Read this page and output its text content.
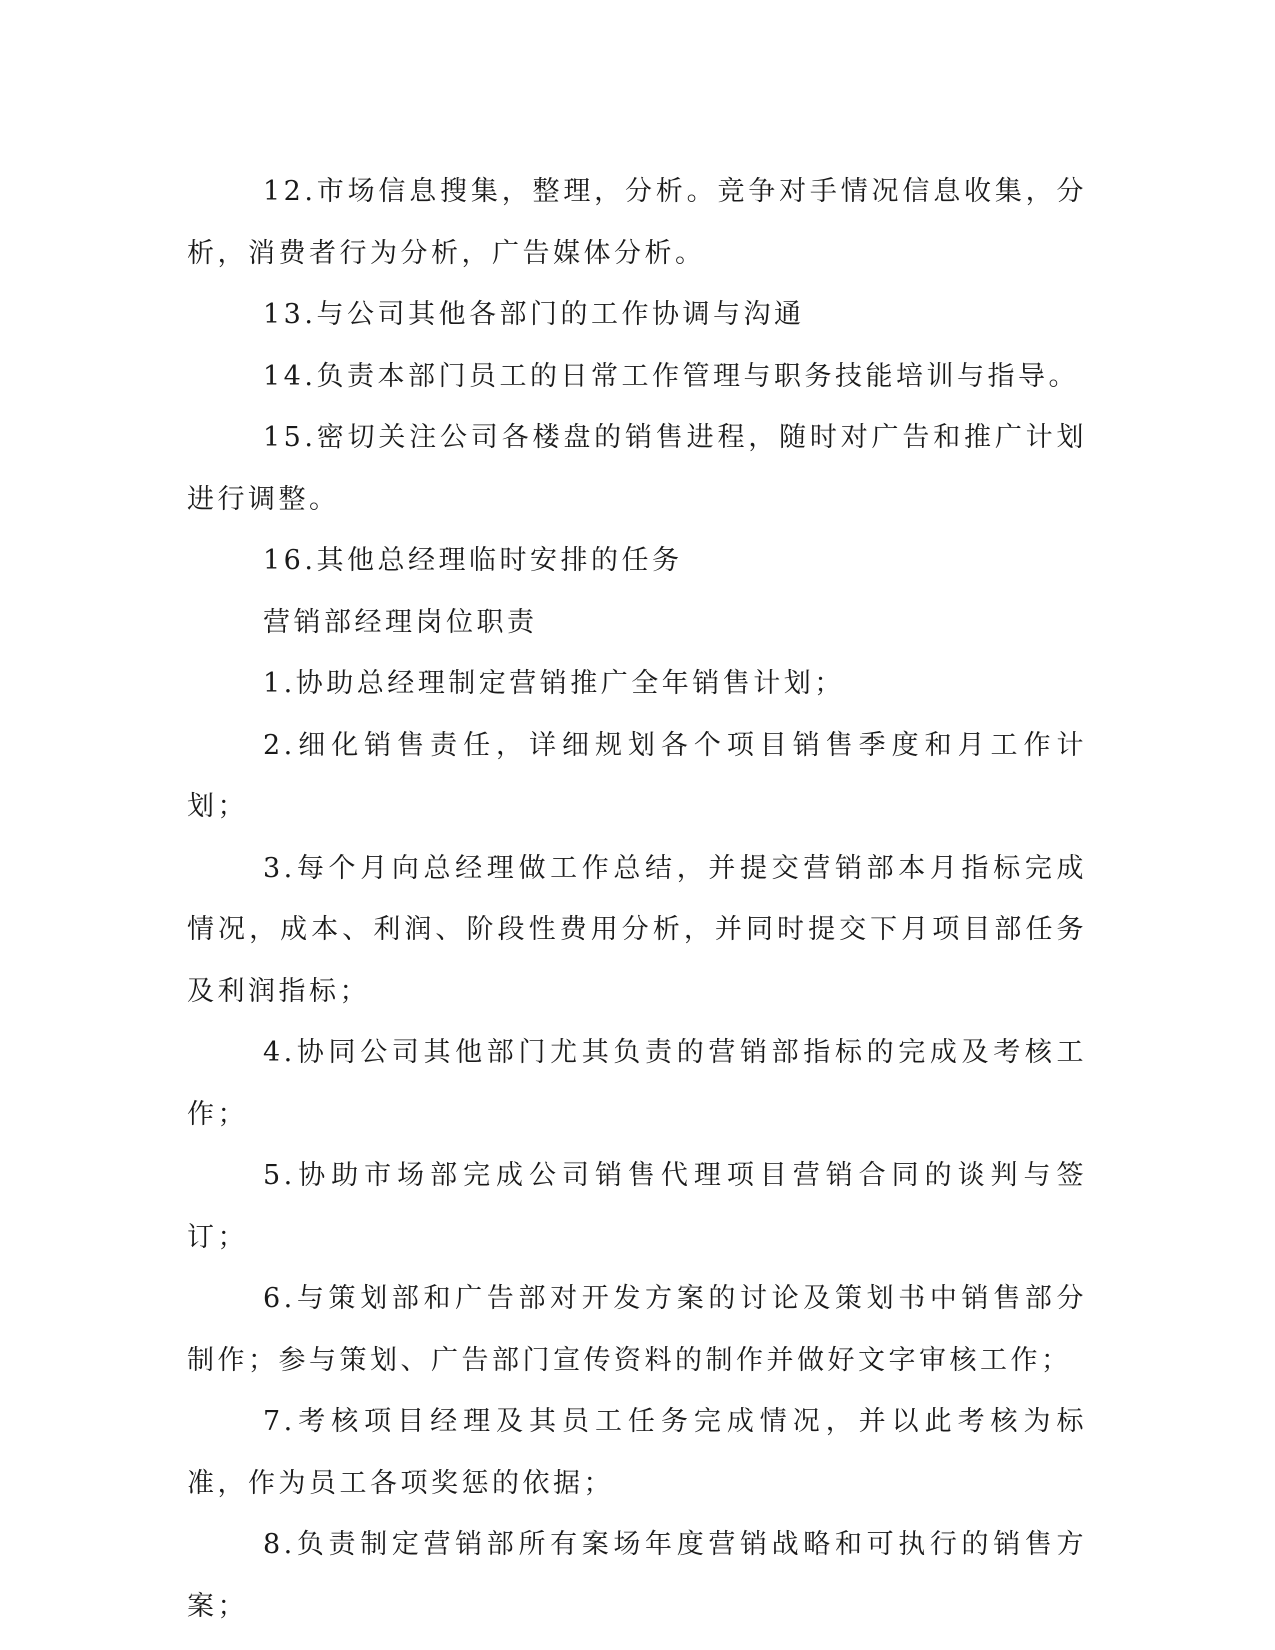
12.市场信息搜集，整理，分析。竞争对手情况信息收集，分析，消费者行为分析，广告媒体分析。

13.与公司其他各部门的工作协调与沟通

14.负责本部门员工的日常工作管理与职务技能培训与指导。

15.密切关注公司各楼盘的销售进程，随时对广告和推广计划进行调整。

16.其他总经理临时安排的任务

营销部经理岗位职责

1.协助总经理制定营销推广全年销售计划；

2.细化销售责任，详细规划各个项目销售季度和月工作计划；

3.每个月向总经理做工作总结，并提交营销部本月指标完成情况，成本、利润、阶段性费用分析，并同时提交下月项目部任务及利润指标；

4.协同公司其他部门尤其负责的营销部指标的完成及考核工作；

5.协助市场部完成公司销售代理项目营销合同的谈判与签订；

6.与策划部和广告部对开发方案的讨论及策划书中销售部分制作；参与策划、广告部门宣传资料的制作并做好文字审核工作；

7.考核项目经理及其员工任务完成情况，并以此考核为标准，作为员工各项奖惩的依据；

8.负责制定营销部所有案场年度营销战略和可执行的销售方案；
